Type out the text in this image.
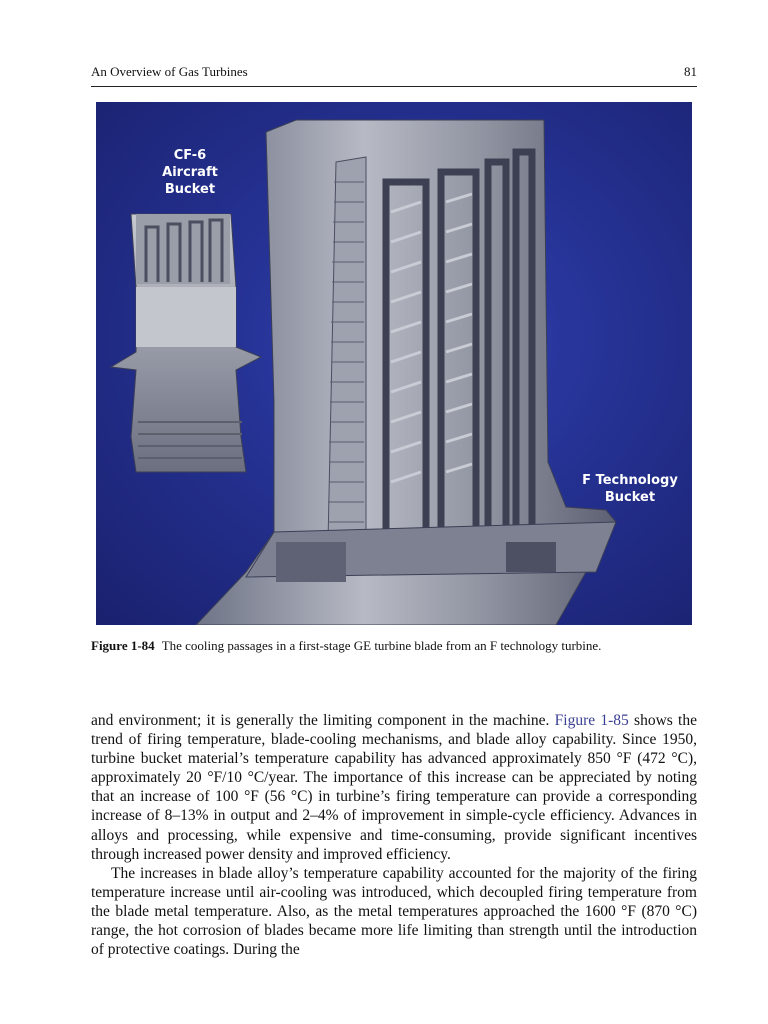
An Overview of Gas Turbines	81
CF-6
Aircraft
Bucket
F Technology
Bucket
Figure 1-84 The cooling passages in a first-stage GE turbine blade from an F technology turbine.

and environment; it is generally the limiting component in the machine. Figure 1-85 shows the trend of firing temperature, blade-cooling mechanisms, and blade alloy capability. Since 1950, turbine bucket material’s temperature capability has advanced approximately 850 °F (472 °C), approximately 20 °F/10 °C/year. The importance of this increase can be appreciated by noting that an increase of 100 °F (56 °C) in turbine’s firing temperature can provide a corresponding increase of 8–13% in output and 2–4% of improvement in simple-cycle efficiency. Advances in alloys and processing, while expensive and time-consuming, provide significant incentives through increased power density and improved efficiency.

The increases in blade alloy’s temperature capability accounted for the majority of the firing temperature increase until air-cooling was introduced, which decoupled firing temperature from the blade metal temperature. Also, as the metal temperatures approached the 1600 °F (870 °C) range, the hot corrosion of blades became more life limiting than strength until the introduction of protective coatings. During the
